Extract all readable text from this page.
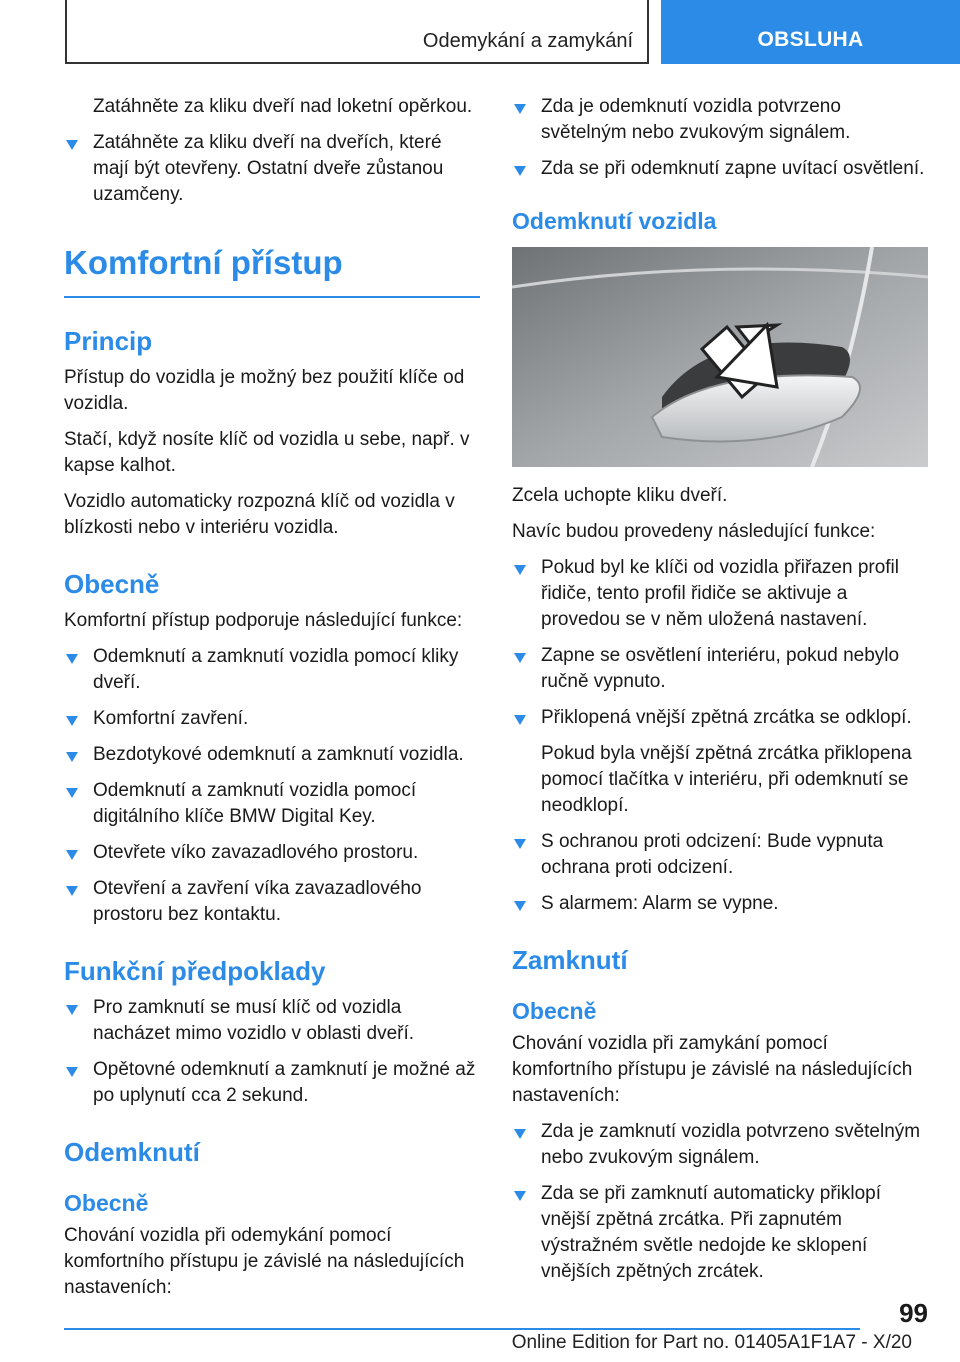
Odemykání a zamykání	OBSLUHA

Zatáhněte za kliku dveří nad loketní opěrkou.

Zatáhněte za kliku dveří na dveřích, které mají být otevřeny. Ostatní dveře zůstanou uzamčeny.
Komfortní přístup
Princip

Přístup do vozidla je možný bez použití klíče od vozidla.

Stačí, když nosíte klíč od vozidla u sebe, např. v kapse kalhot.

Vozidlo automaticky rozpozná klíč od vozidla v blízkosti nebo v interiéru vozidla.

Obecně

Komfortní přístup podporuje následující funkce:

Odemknutí a zamknutí vozidla pomocí kliky dveří.
Komfortní zavření.
Bezdotykové odemknutí a zamknutí vozidla.
Odemknutí a zamknutí vozidla pomocí digitálního klíče BMW Digital Key.
Otevřete víko zavazadlového prostoru.
Otevření a zavření víka zavazadlového prostoru bez kontaktu.
Funkční předpoklady
Pro zamknutí se musí klíč od vozidla nacházet mimo vozidlo v oblasti dveří.
Opětovné odemknutí a zamknutí je možné až po uplynutí cca 2 sekund.
Odemknutí
Obecně

Chování vozidla při odemykání pomocí komfortního přístupu je závislé na následujících nastaveních:

Zda je odemknutí vozidla potvrzeno světelným nebo zvukovým signálem.
Zda se při odemknutí zapne uvítací osvětlení.
Odemknutí vozidla

Zcela uchopte kliku dveří.

Navíc budou provedeny následující funkce:

Pokud byl ke klíči od vozidla přiřazen profil řidiče, tento profil řidiče se aktivuje a provedou se v něm uložená nastavení.
Zapne se osvětlení interiéru, pokud nebylo ručně vypnuto.
Přiklopená vnější zpětná zrcátka se odklopí.

Pokud byla vnější zpětná zrcátka přiklopena pomocí tlačítka v interiéru, při odemknutí se neodklopí.

S ochranou proti odcizení: Bude vypnuta ochrana proti odcizení.
S alarmem: Alarm se vypne.
Zamknutí
Obecně

Chování vozidla při zamykání pomocí komfortního přístupu je závislé na následujících nastaveních:

Zda je zamknutí vozidla potvrzeno světelným nebo zvukovým signálem.
Zda se při zamknutí automaticky přiklopí vnější zpětná zrcátka. Při zapnutém výstražném světle nedojde ke sklopení vnějších zpětných zrcátek.
99
Online Edition for Part no. 01405A1F1A7 - X/20
